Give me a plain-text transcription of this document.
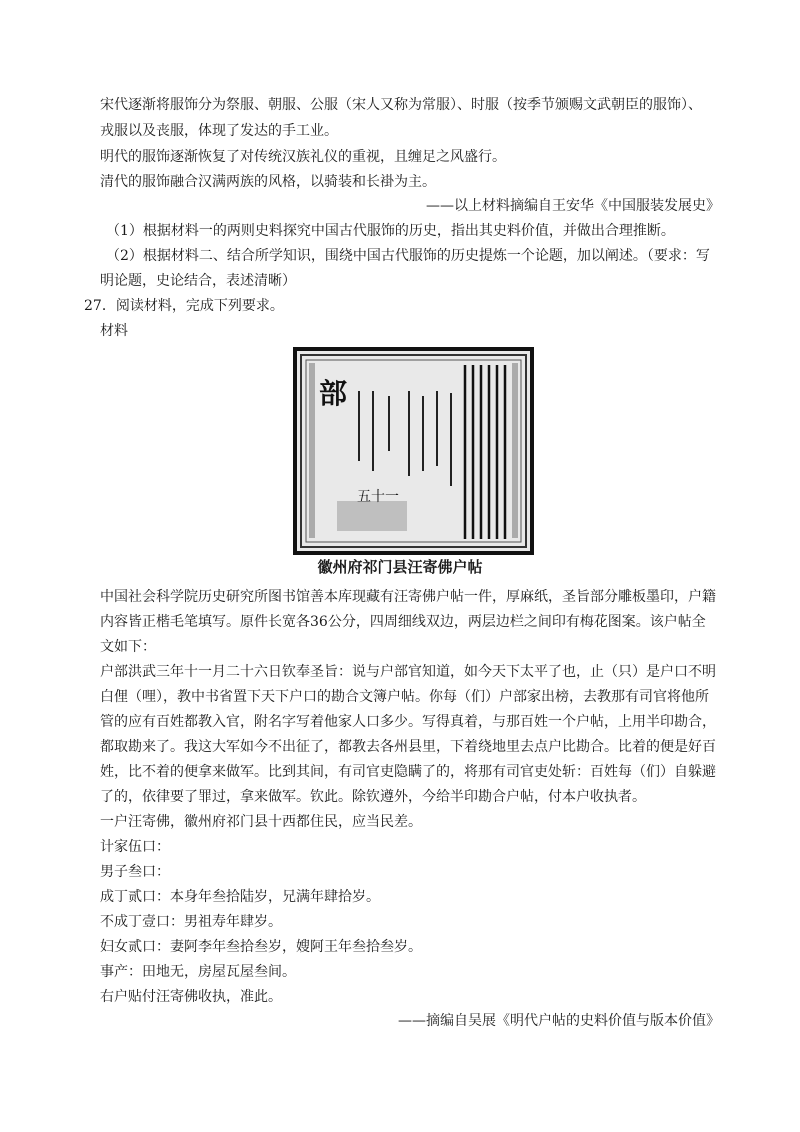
宋代逐渐将服饰分为祭服、朝服、公服（宋人又称为常服）、时服（按季节颁赐文武朝臣的服饰）、
戎服以及丧服，体现了发达的手工业。
明代的服饰逐渐恢复了对传统汉族礼仪的重视，且缠足之风盛行。
清代的服饰融合汉满两族的风格，以骑装和长褂为主。
——以上材料摘编自王安华《中国服装发展史》
（1）根据材料一的两则史料探究中国古代服饰的历史，指出其史料价值，并做出合理推断。
（2）根据材料二、结合所学知识，围绕中国古代服饰的历史提炼一个论题，加以阐述。（要求：写
明论题，史论结合，表述清晰）
27．阅读材料，完成下列要求。
材料
部
五十一
徽州府祁门县汪寄佛户帖
中国社会科学院历史研究所图书馆善本库现藏有汪寄佛户帖一件，厚麻纸，圣旨部分雕板墨印，户籍
内容皆正楷毛笔填写。原件长宽各36公分，四周细线双边，两层边栏之间印有梅花图案。该户帖全
文如下：
户部洪武三年十一月二十六日钦奉圣旨：说与户部官知道，如今天下太平了也，止（只）是户口不明
白俚（哩），教中书省置下天下户口的勘合文簿户帖。你每（们）户部家出榜，去教那有司官将他所
管的应有百姓都教入官，附名字写着他家人口多少。写得真着，与那百姓一个户帖，上用半印勘合，
都取勘来了。我这大军如今不出征了，都教去各州县里，下着绕地里去点户比勘合。比着的便是好百
姓，比不着的便拿来做军。比到其间，有司官吏隐瞒了的，将那有司官吏处斩：百姓每（们）自躲避
了的，依律要了罪过，拿来做军。钦此。除钦遵外，今给半印勘合户帖，付本户收执者。
一户汪寄佛，徽州府祁门县十西都住民，应当民差。
计家伍口：
男子叁口：
成丁贰口：本身年叁拾陆岁，兄满年肆拾岁。
不成丁壹口：男祖寿年肆岁。
妇女贰口：妻阿李年叁拾叁岁，嫂阿王年叁拾叁岁。
事产：田地无，房屋瓦屋叁间。
右户贴付汪寄佛收执，准此。
——摘编自吴展《明代户帖的史料价值与版本价值》
